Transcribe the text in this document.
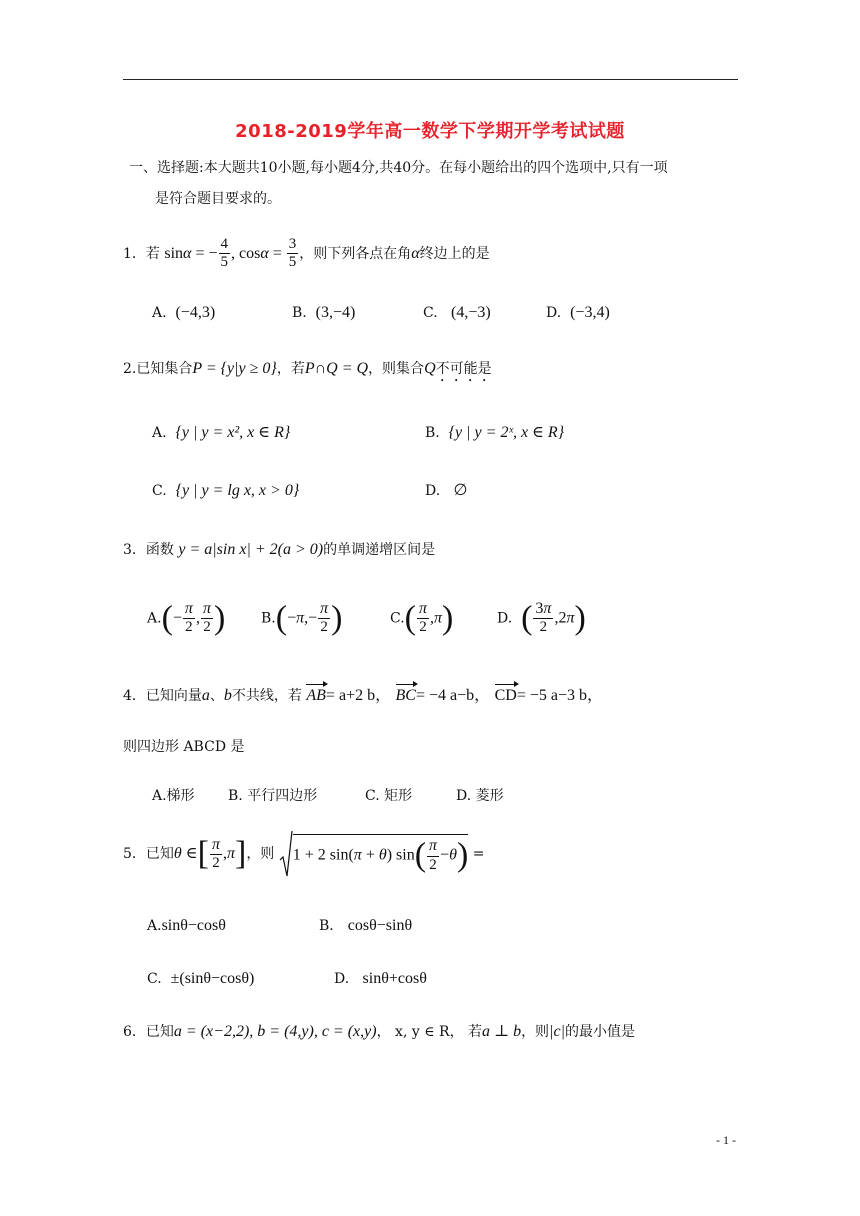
2018-2019学年高一数学下学期开学考试试题
一、选择题:本大题共10小题,每小题4分,共40分。在每小题给出的四个选项中,只有一项
是符合题目要求的。
1．若 sinα = − $\frac{4}{5}$ , $\cos\alpha = \frac{3}{5}$ ，则下列各点在角α终边上的是
A. (−4,3)	B. (3,−4)	C. (4,−3)	D. (−3,4)
2.已知集合P = {y|y ≥ 0}，若P∩Q = Q，则集合Q不可能是
A. {y | y = x², x ∈ R}	B. {y | y = 2ˣ, x ∈ R}
C. {y | y = lg x, x > 0}	D. ∅
3．函数 y = a|sin x| + 2(a > 0)的单调递增区间是
$A.(- \frac{\pi}{2}$ , $\frac{\pi}{2}$ )	$B.(-\pi,- \frac{\pi}{2}$ )	$C.( \frac{\pi}{2} ,\pi)$	D. ( $\frac{3\pi}{2} ,2\pi$)
4．已知向量a、b不共线，若 AB= a+2 b， BC= −4 a−b， CD= −5 a−3 b，
则四边形 ABCD 是
A.梯形 B. 平行四边形	C. 矩形	D. 菱形
5．已知θ ∈[ $\frac{\pi}{2} ,\pi$]，则 1 + 2 sin(π + θ) $\sin( \frac{\pi}{2} -\theta)$ =
A.sinθ−cosθ	B． cosθ−sinθ
C. ±(sinθ−cosθ)	D. sinθ+cosθ
6．已知a = (x−2,2), b = (4,y), c = (x,y)， x, y ∈ R， 若a ⊥ b，则|c|的最小值是
- 1 -
